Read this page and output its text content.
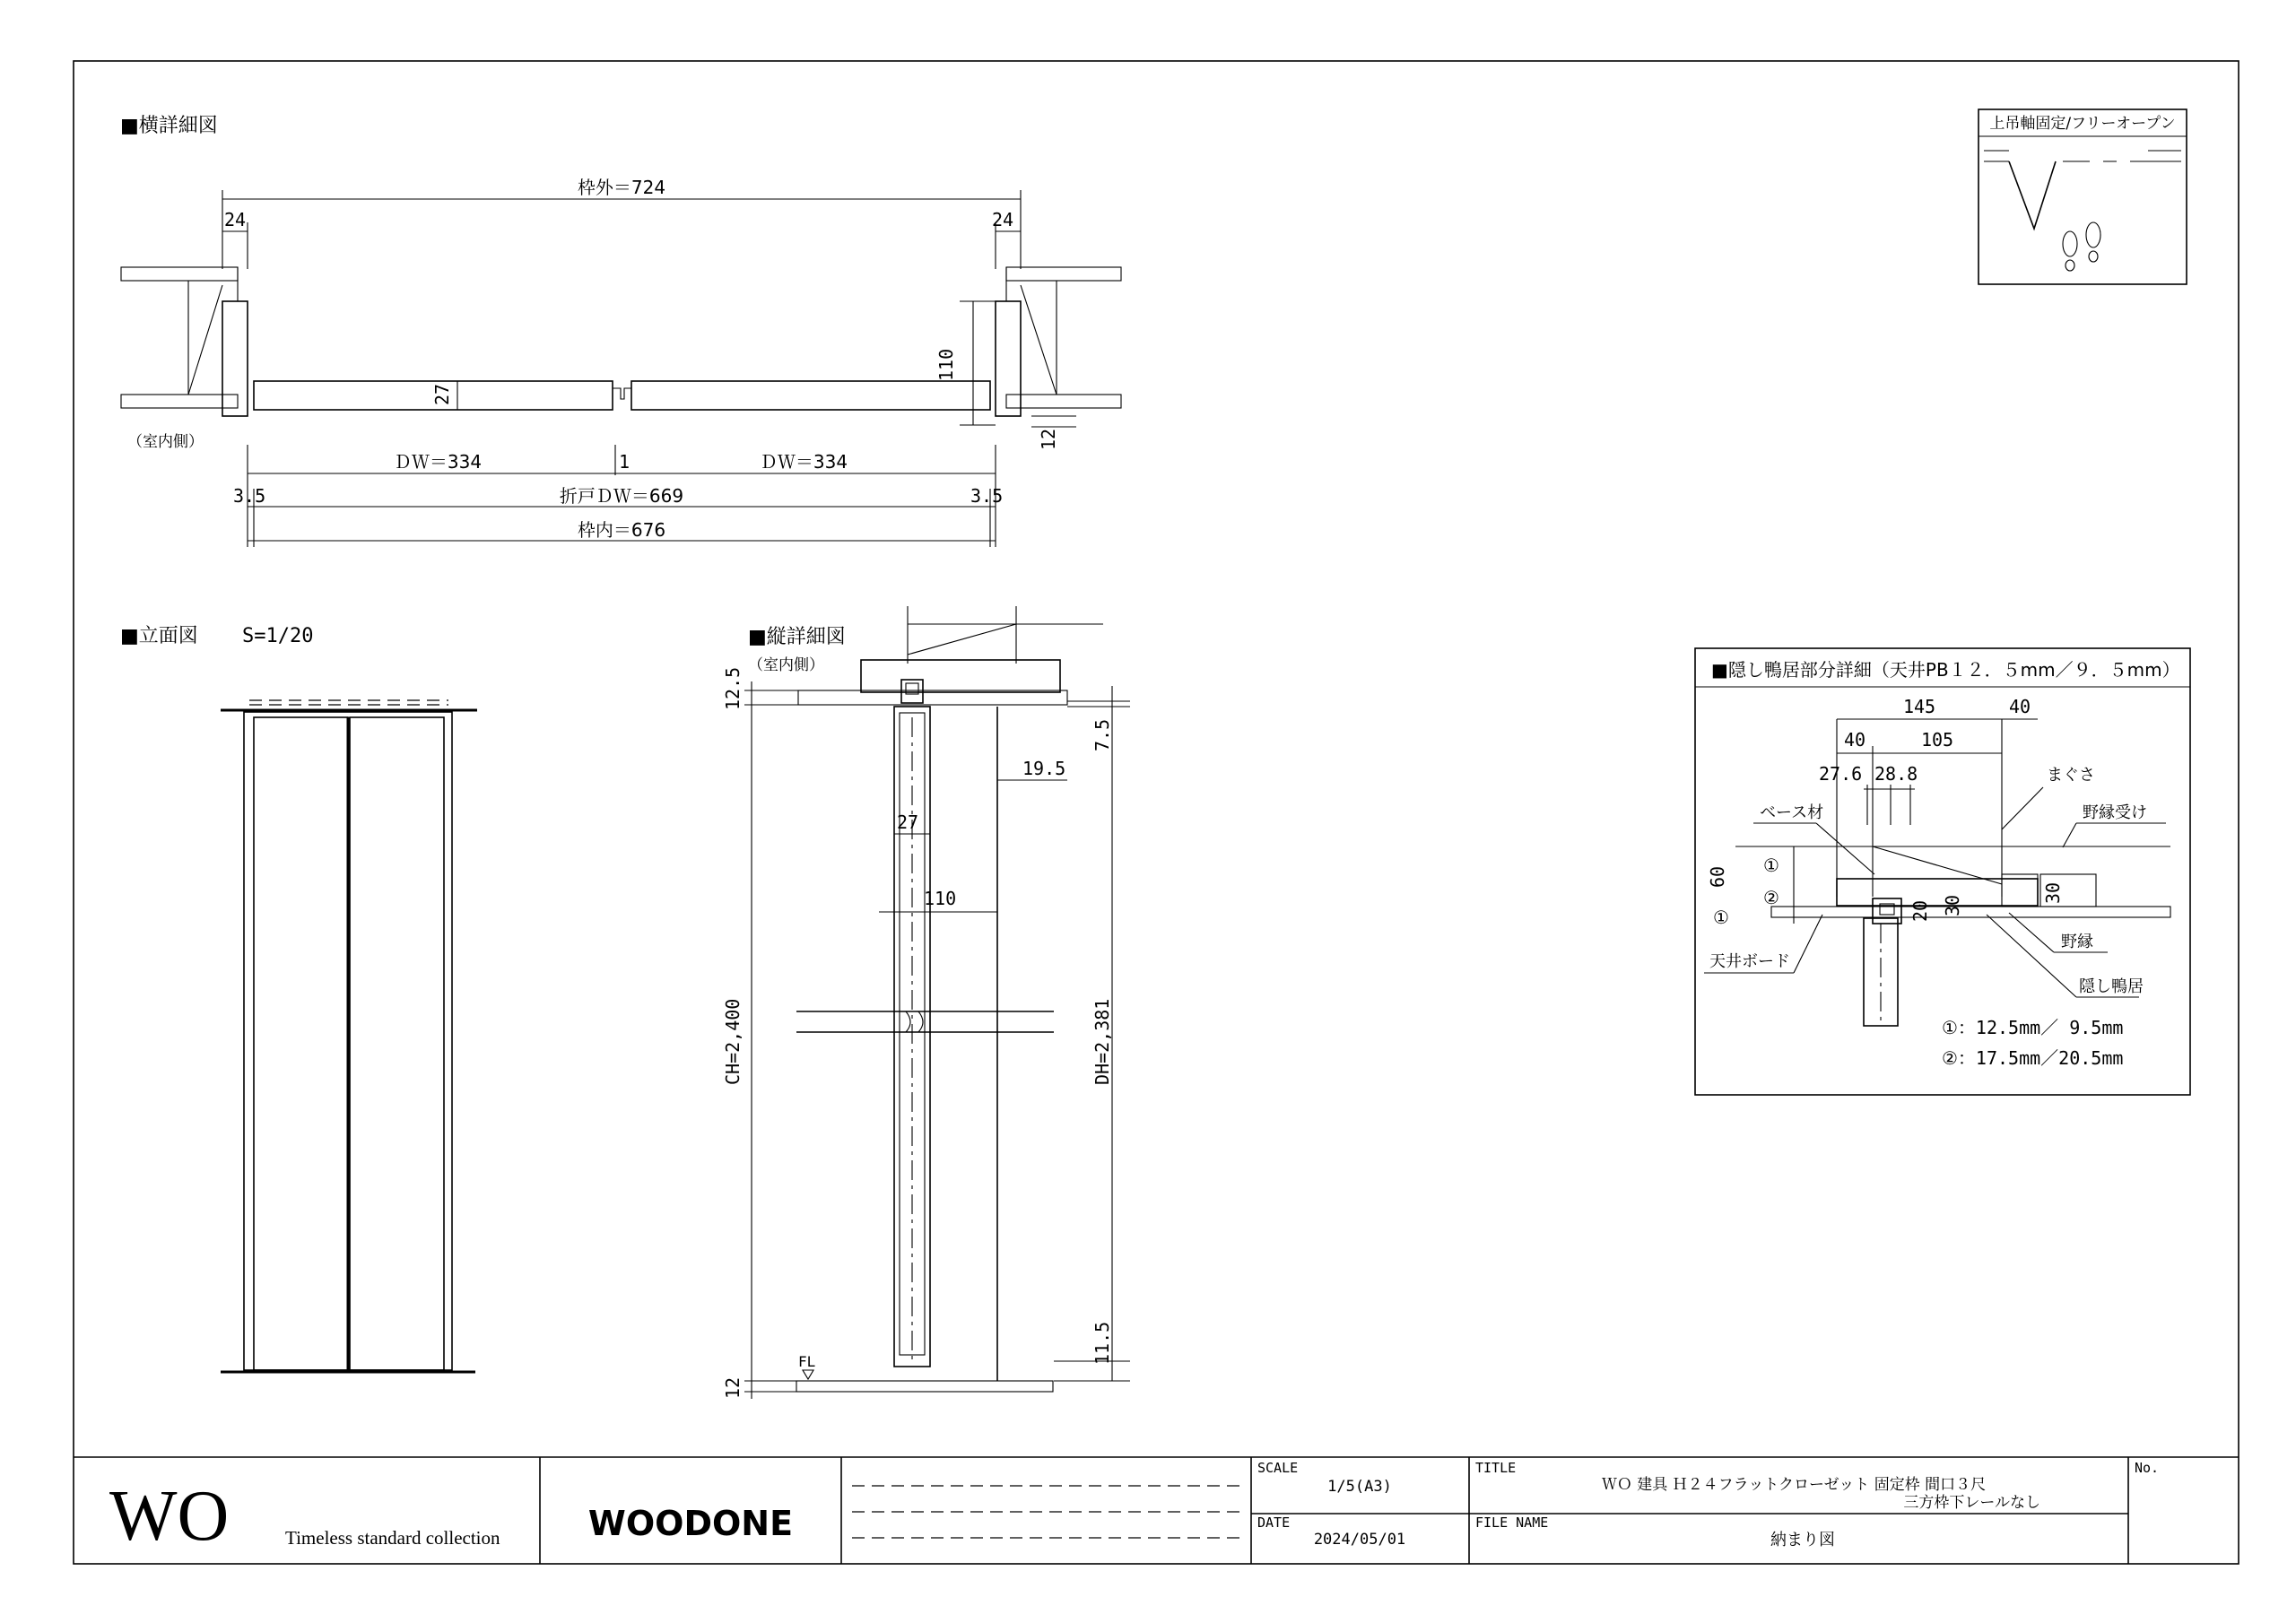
■横詳細図
枠外＝724
24	24
27
110
12
（室内側）
ＤＷ＝334	1	ＤＷ＝334
3.5	折戸ＤＷ＝669	3.5
枠内＝676
上吊軸固定/フリーオープン
■立面図 S=1/20	■縦詳細図
（室内側）
FL
12.5
CH=2,400
12
7.5
19.5
DH=2,381
11.5
27
110
■隠し鴨居部分詳細（天井PB１２．５mm／９．５mm）
145	40
40	105
27.6 28.8	まぐさ
ベース材	野縁受け
60
①
②
①	20 30
30
野縁
天井ボード
隠し鴨居
①：12.5mm／ 9.5mm
②：17.5mm／20.5mm
WO	Timeless standard collection	WOODONE
SCALE
1/5(A3)
DATE
2024/05/01
TITLE
ＷＯ 建具 Ｈ２４フラットクローゼット 固定枠 間口３尺
三方枠下レールなし
FILE NAME
納まり図
No.
